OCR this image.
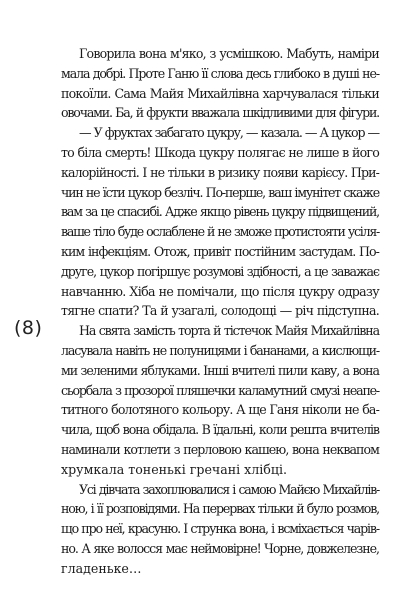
Говорила вона м'яко, з усмішкою. Мабуть, наміри
мала добрі. Проте Ганю її слова десь глибоко в душі не-
покоїли. Сама Майя Михайлівна харчувалася тільки
овочами. Ба, й фрукти вважала шкідливими для фігури.
— У фруктах забагато цукру, — казала. — А цукор —
то біла смерть! Шкода цукру полягає не лише в його
калорійності. І не тільки в ризику появи карієсу. При-
чин не їсти цукор безліч. По-перше, ваш імунітет скаже
вам за це спасибі. Адже якщо рівень цукру підвищений,
ваше тіло буде ослаблене й не зможе протистояти усіля-
ким інфекціям. Отож, привіт постійним застудам. По-
друге, цукор погіршує розумові здібності, а це заважає
навчанню. Хіба не помічали, що після цукру одразу
тягне спати? Та й узагалі, солодощі — річ підступна.
На свята замість торта й тістечок Майя Михайлівна
ласувала навіть не полуницями і бананами, а кислющи-
ми зеленими яблуками. Інші вчителі пили каву, а вона
сьорбала з прозорої пляшечки каламутний смузі неапе-
титного болотяного кольору. А ще Ганя ніколи не ба-
чила, щоб вона обідала. В їдальні, коли решта вчителів
наминали котлети з перловою кашею, вона неквапом
хрумкала тоненькі гречані хлібці.
Усі дівчата захоплювалися і самою Майєю Михайлів-
ною, і її розповідями. На перервах тільки й було розмов,
що про неї, красуню. І струнка вона, і всміхається чарів-
но. А яке волосся має неймовірне! Чорне, довжелезне,
гладеньке…
(8)
